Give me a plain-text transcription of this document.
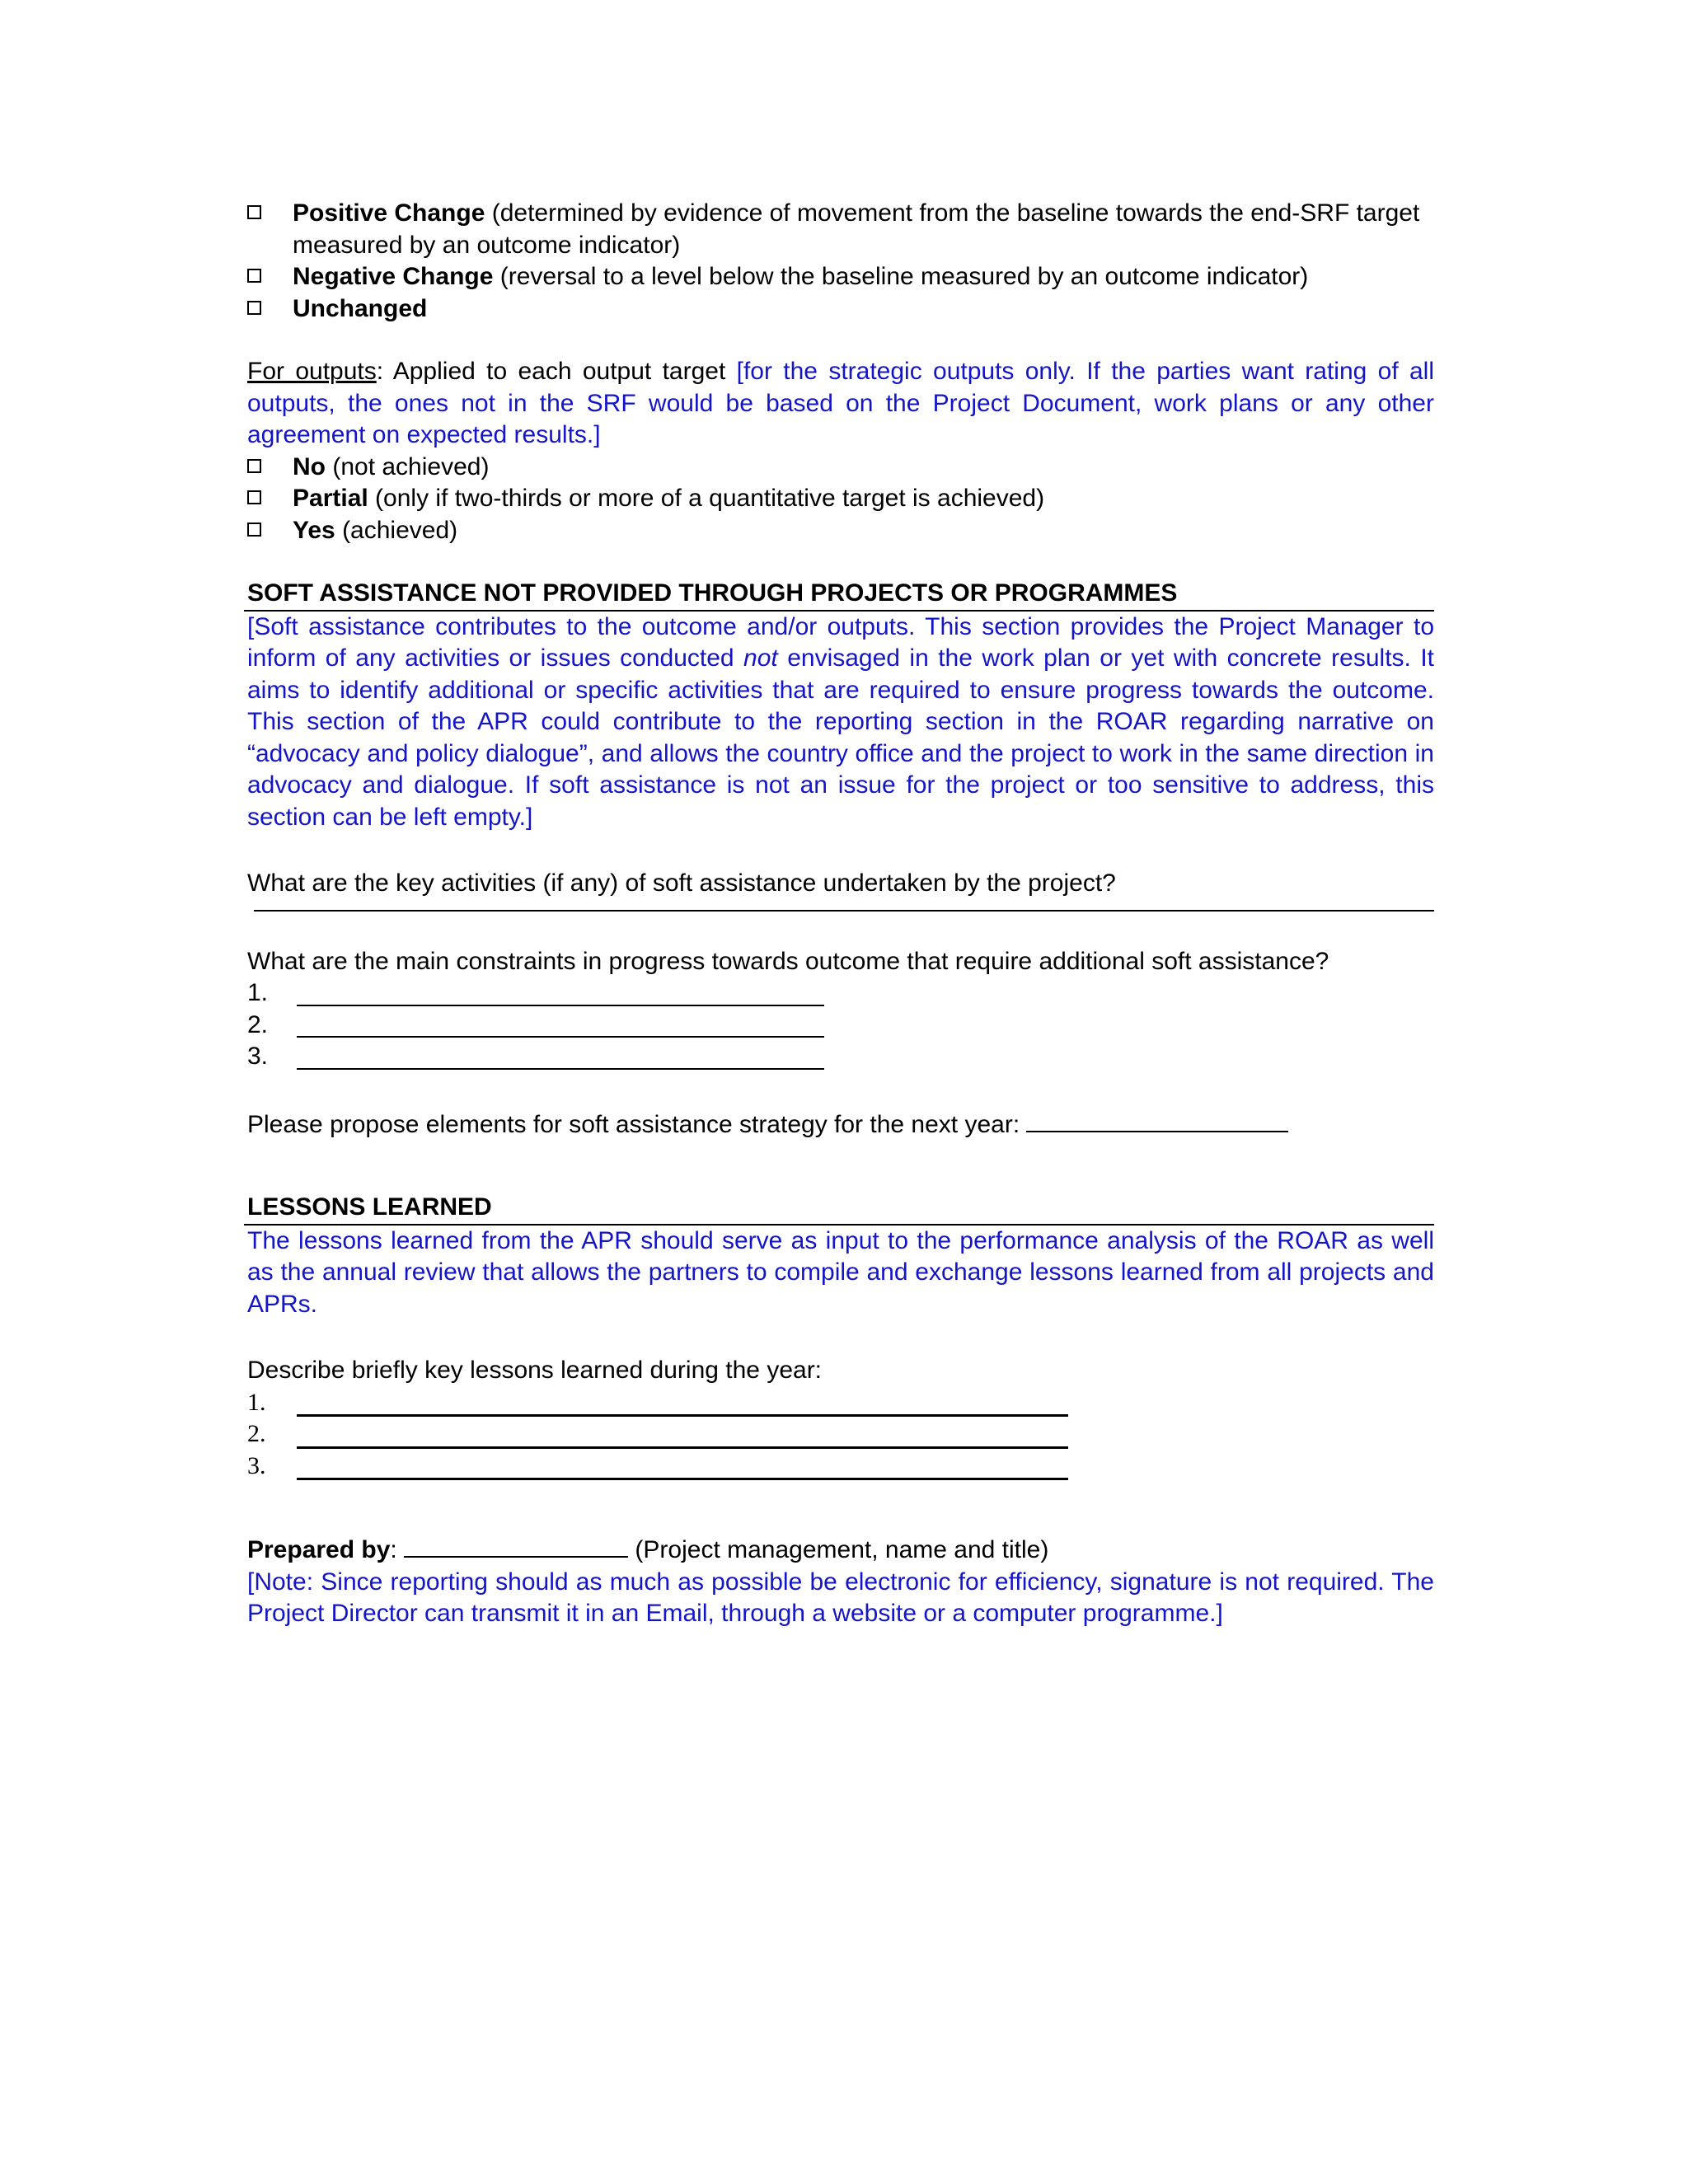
Positive Change (determined by evidence of movement from the baseline towards the end-SRF target measured by an outcome indicator)
Negative Change (reversal to a level below the baseline measured by an outcome indicator)
Unchanged
For outputs: Applied to each output target [for the strategic outputs only. If the parties want rating of all outputs, the ones not in the SRF would be based on the Project Document, work plans or any other agreement on expected results.]
No (not achieved)
Partial (only if two-thirds or more of a quantitative target is achieved)
Yes (achieved)
SOFT ASSISTANCE NOT PROVIDED THROUGH PROJECTS OR PROGRAMMES
[Soft assistance contributes to the outcome and/or outputs. This section provides the Project Manager to inform of any activities or issues conducted not envisaged in the work plan or yet with concrete results. It aims to identify additional or specific activities that are required to ensure progress towards the outcome. This section of the APR could contribute to the reporting section in the ROAR regarding narrative on “advocacy and policy dialogue”, and allows the country office and the project to work in the same direction in advocacy and dialogue. If soft assistance is not an issue for the project or too sensitive to address, this section can be left empty.]
What are the key activities (if any) of soft assistance undertaken by the project?
What are the main constraints in progress towards outcome that require additional soft assistance?
1.
2.
3.
Please propose elements for soft assistance strategy for the next year:
LESSONS LEARNED
The lessons learned from the APR should serve as input to the performance analysis of the ROAR as well as the annual review that allows the partners to compile and exchange lessons learned from all projects and APRs.
Describe briefly key lessons learned during the year:
1.
2.
3.
Prepared by:	(Project management, name and title)
[Note: Since reporting should as much as possible be electronic for efficiency, signature is not required. The Project Director can transmit it in an Email, through a website or a computer programme.]
